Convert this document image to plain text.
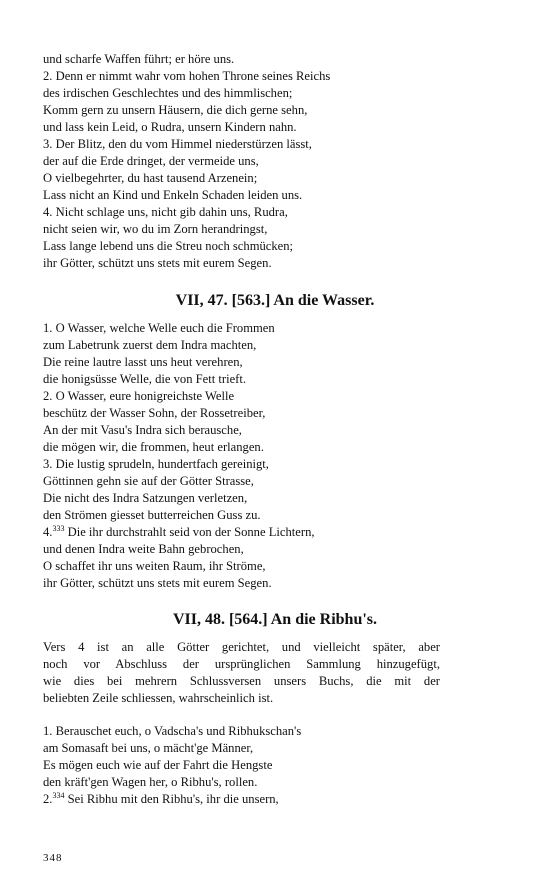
und scharfe Waffen führt; er höre uns.
2. Denn er nimmt wahr vom hohen Throne seines Reichs
des irdischen Geschlechtes und des himmlischen;
Komm gern zu unsern Häusern, die dich gerne sehn,
und lass kein Leid, o Rudra, unsern Kindern nahn.
3. Der Blitz, den du vom Himmel niederstürzen lässt,
der auf die Erde dringet, der vermeide uns,
O vielbegehrter, du hast tausend Arzenein;
Lass nicht an Kind und Enkeln Schaden leiden uns.
4. Nicht schlage uns, nicht gib dahin uns, Rudra,
nicht seien wir, wo du im Zorn herandringst,
Lass lange lebend uns die Streu noch schmücken;
ihr Götter, schützt uns stets mit eurem Segen.
VII, 47. [563.] An die Wasser.
1. O Wasser, welche Welle euch die Frommen
zum Labetrunk zuerst dem Indra machten,
Die reine lautre lasst uns heut verehren,
die honigsüsse Welle, die von Fett trieft.
2. O Wasser, eure honigreichste Welle
beschütz der Wasser Sohn, der Rossetreiber,
An der mit Vasu's Indra sich berausche,
die mögen wir, die frommen, heut erlangen.
3. Die lustig sprudeln, hundertfach gereinigt,
Göttinnen gehn sie auf der Götter Strasse,
Die nicht des Indra Satzungen verletzen,
den Strömen giesset butterreichen Guss zu.
4.$^{333}$ Die ihr durchstrahlt seid von der Sonne Lichtern,
und denen Indra weite Bahn gebrochen,
O schaffet ihr uns weiten Raum, ihr Ströme,
ihr Götter, schützt uns stets mit eurem Segen.
VII, 48. [564.] An die Ribhu's.
Vers 4 ist an alle Götter gerichtet, und vielleicht später, aber
noch vor Abschluss der ursprünglichen Sammlung hinzugefügt,
wie dies bei mehrern Schlussversen unsers Buchs, die mit der
beliebten Zeile schliessen, wahrscheinlich ist.
1. Berauschet euch, o Vadscha's und Ribhukschan's
am Somasaft bei uns, o mächt'ge Männer,
Es mögen euch wie auf der Fahrt die Hengste
den kräft'gen Wagen her, o Ribhu's, rollen.
2.$^{334}$ Sei Ribhu mit den Ribhu's, ihr die unsern,
348
